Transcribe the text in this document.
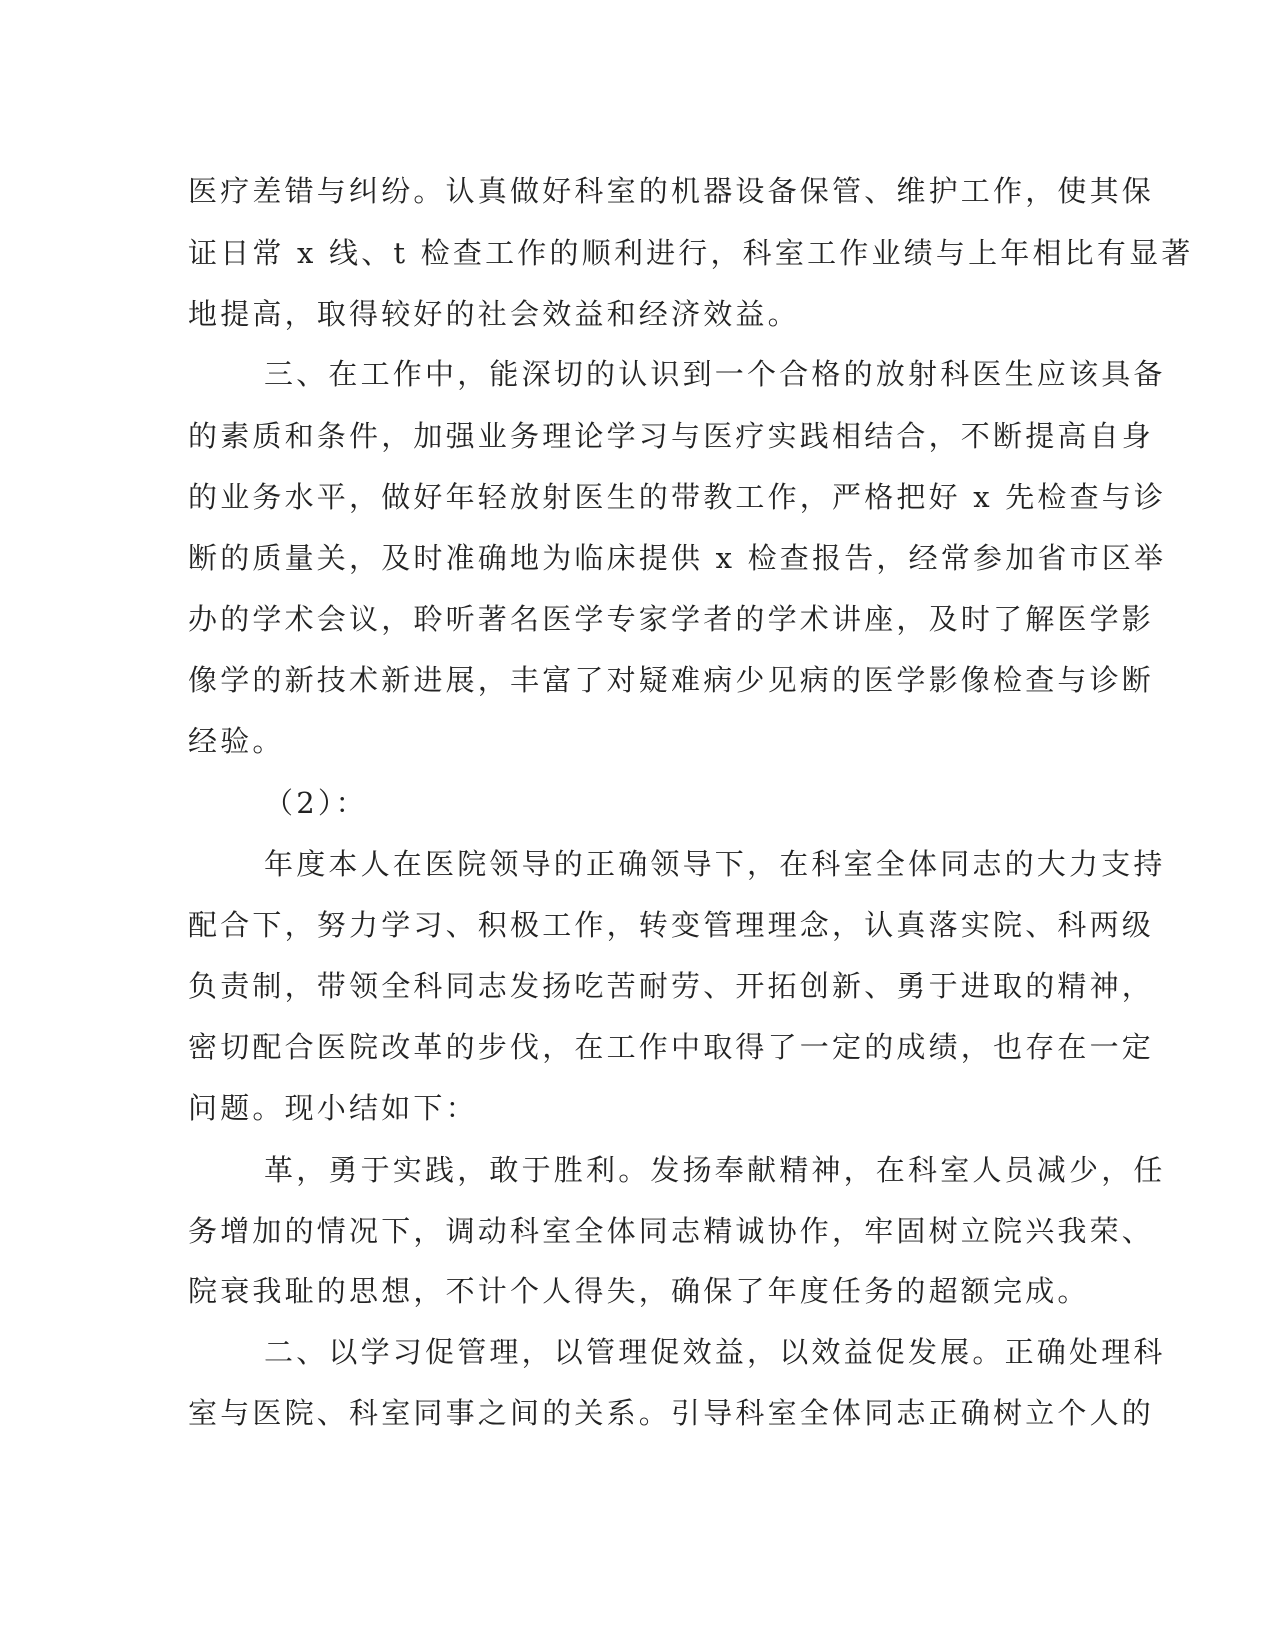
医疗差错与纠纷。认真做好科室的机器设备保管、维护工作，使其保
证日常 x 线、t 检查工作的顺利进行，科室工作业绩与上年相比有显著
地提高，取得较好的社会效益和经济效益。
三、在工作中，能深切的认识到一个合格的放射科医生应该具备
的素质和条件，加强业务理论学习与医疗实践相结合，不断提高自身
的业务水平，做好年轻放射医生的带教工作，严格把好 x 先检查与诊
断的质量关，及时准确地为临床提供 x 检查报告，经常参加省市区举
办的学术会议，聆听著名医学专家学者的学术讲座，及时了解医学影
像学的新技术新进展，丰富了对疑难病少见病的医学影像检查与诊断
经验。
（2）：
年度本人在医院领导的正确领导下，在科室全体同志的大力支持
配合下，努力学习、积极工作，转变管理理念，认真落实院、科两级
负责制，带领全科同志发扬吃苦耐劳、开拓创新、勇于进取的精神，
密切配合医院改革的步伐，在工作中取得了一定的成绩，也存在一定
问题。现小结如下：
革，勇于实践，敢于胜利。发扬奉献精神，在科室人员减少，任
务增加的情况下，调动科室全体同志精诚协作，牢固树立院兴我荣、
院衰我耻的思想，不计个人得失，确保了年度任务的超额完成。
二、以学习促管理，以管理促效益，以效益促发展。正确处理科
室与医院、科室同事之间的关系。引导科室全体同志正确树立个人的
